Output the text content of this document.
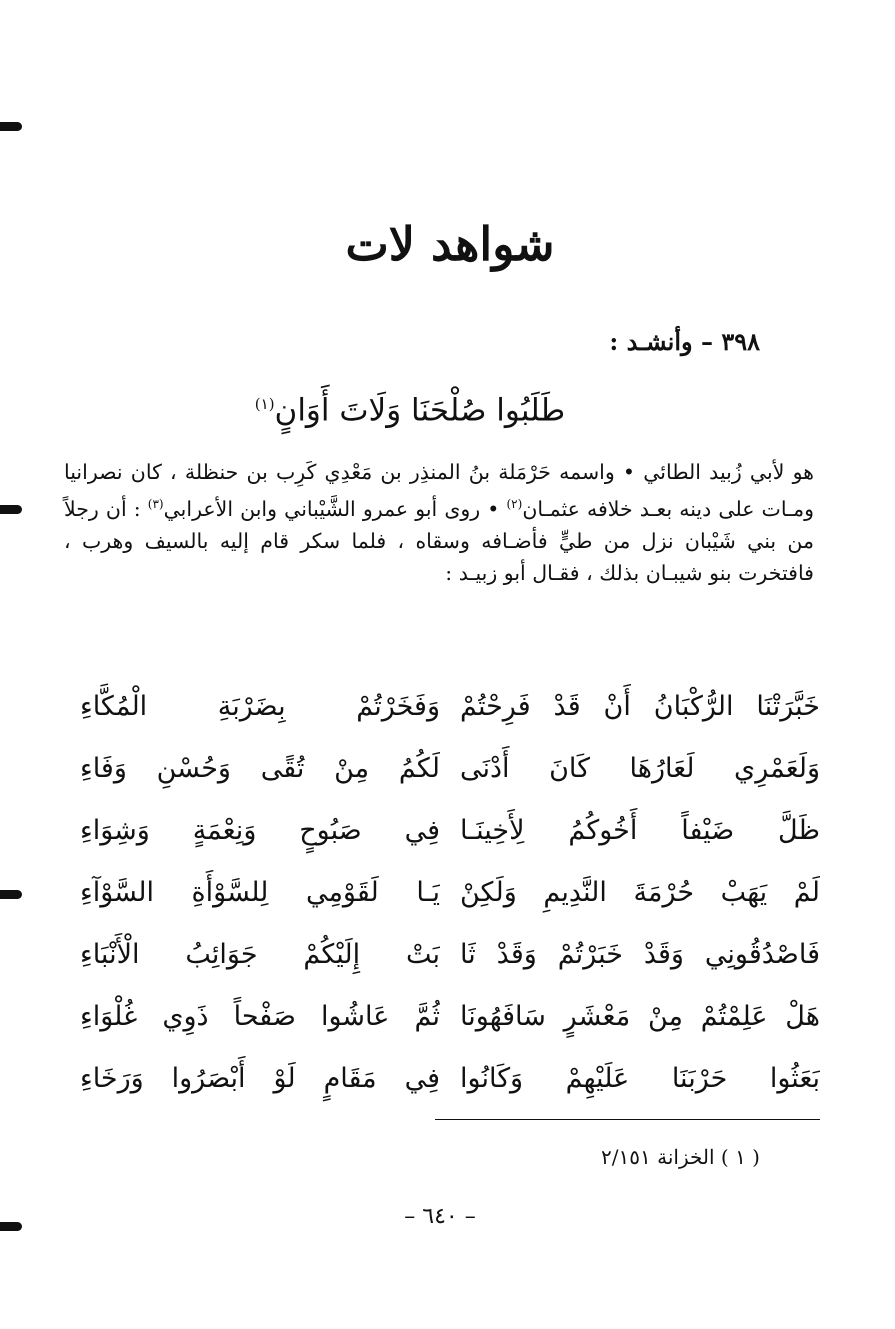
شواهد لات
٣٩٨ – وأنشـد :
طَلَبُوا صُلْحَنَا وَلَاتَ أَوَانٍ$^{(١)}$
هو لأبي زُبيد الطائي • واسمه حَرْمَلة بنُ المنذِر بن مَعْدِي كَرِب بن حنظلة ، كان نصرانيا ومـات على دينه بعـد خلافه عثمـان$^{(٢)}$ • روى أبو عمرو الشَّيْباني وابن الأعرابي$^{(٣)}$ : أن رجلاً من بني شَيْبان نزل من طيٍّ فأضـافه وسقاه ، فلما سكر قام إليه بالسيف وهرب ، فافتخرت بنو شيبـان بذلك ، فقـال أبو زبيـد :
خَبَّرَتْنَا الرُّكْبَانُ أَنْ قَدْ فَرِحْتُمْ
وَفَخَرْتُمْ بِضَرْبَةِ الْمُكَّاءِ
وَلَعَمْرِي لَعَارُهَا كَانَ أَدْنَى
لَكُمُ مِنْ تُقًى وَحُسْنِ وَفَاءِ
ظَلَّ ضَيْفاً أَخُوكُمُ لِأَخِينَـا
فِي صَبُوحٍ وَنِعْمَةٍ وَشِوَاءِ
لَمْ يَهَبْ حُرْمَةَ النَّدِيمِ وَلَكِنْ
يَـا لَقَوْمِي لِلسَّوْأَةِ السَّوْآءِ
فَاصْدُقُونِي وَقَدْ خَبَرْتُمْ وَقَدْ ثَا
بَتْ إِلَيْكُمْ جَوَائِبُ الْأَنْبَاءِ
هَلْ عَلِمْتُمْ مِنْ مَعْشَرٍ سَافَهُونَا
ثُمَّ عَاشُوا صَفْحاً ذَوِي غُلْوَاءِ
بَعَثُوا حَرْبَنَا عَلَيْهِمْ وَكَانُوا
فِي مَقَامٍ لَوْ أَبْصَرُوا وَرَخَاءِ
( ١ ) الخزانة ٢/١٥١
– ٦٤٠ –
